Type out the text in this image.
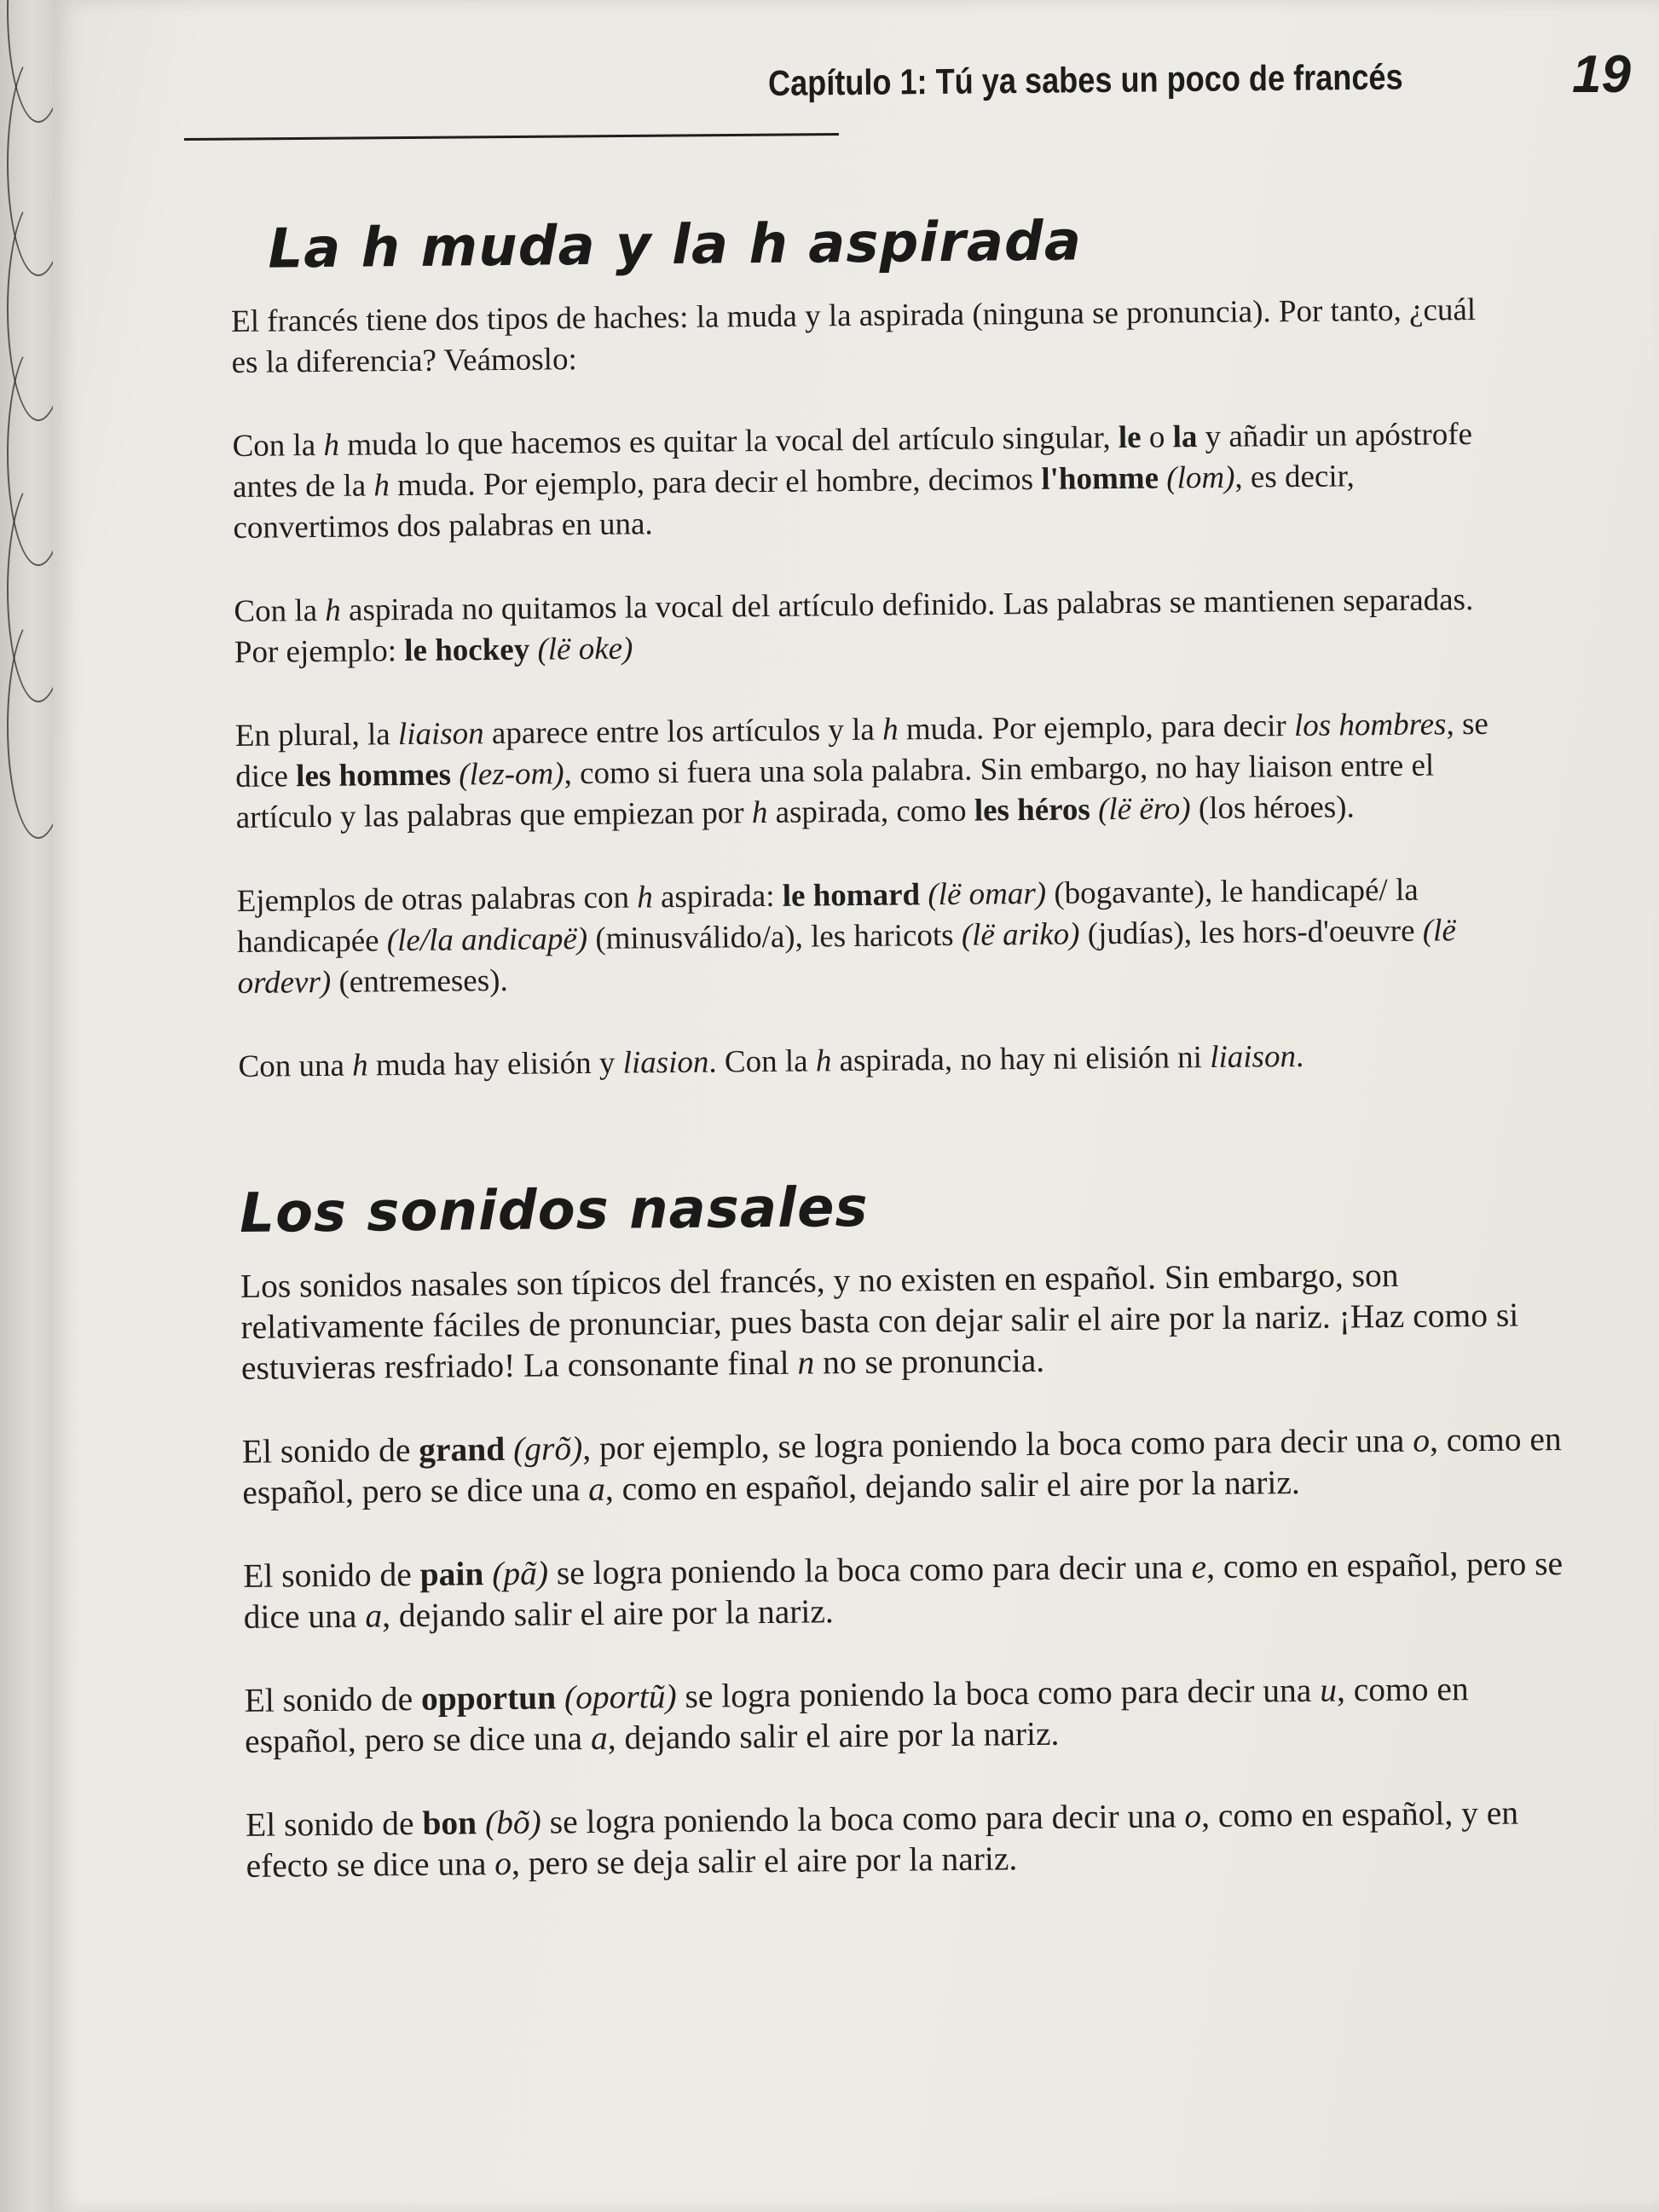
Capítulo 1: Tú ya sabes un poco de francés	19
La h muda y la h aspirada

El francés tiene dos tipos de haches: la muda y la aspirada (ninguna se pronuncia). Por tanto, ¿cuál es la diferencia? Veámoslo:

Con la h muda lo que hacemos es quitar la vocal del artículo singular, le o la y añadir un apóstrofe antes de la h muda. Por ejemplo, para decir el hombre, decimos l'homme (lom), es decir, convertimos dos palabras en una.

Con la h aspirada no quitamos la vocal del artículo definido. Las palabras se mantienen separadas. Por ejemplo: le hockey (lë oke)

En plural, la liaison aparece entre los artículos y la h muda. Por ejemplo, para decir los hombres, se dice les hommes (lez-om), como si fuera una sola palabra. Sin embargo, no hay liaison entre el artículo y las palabras que empiezan por h aspirada, como les héros (lë ëro) (los héroes).

Ejemplos de otras palabras con h aspirada: le homard (lë omar) (bogavante), le handicapé/ la handicapée (le/la andicapë) (minusválido/a), les haricots (lë ariko) (judías), les hors-d'oeuvre (lë ordevr) (entremeses).

Con una h muda hay elisión y liasion. Con la h aspirada, no hay ni elisión ni liaison.

Los sonidos nasales

Los sonidos nasales son típicos del francés, y no existen en español. Sin embargo, son relativamente fáciles de pronunciar, pues basta con dejar salir el aire por la nariz. ¡Haz como si estuvieras resfriado! La consonante final n no se pronuncia.

El sonido de grand (grõ), por ejemplo, se logra poniendo la boca como para decir una o, como en español, pero se dice una a, como en español, dejando salir el aire por la nariz.

El sonido de pain (pã) se logra poniendo la boca como para decir una e, como en español, pero se dice una a, dejando salir el aire por la nariz.

El sonido de opportun (oportũ) se logra poniendo la boca como para decir una u, como en español, pero se dice una a, dejando salir el aire por la nariz.

El sonido de bon (bõ) se logra poniendo la boca como para decir una o, como en español, y en efecto se dice una o, pero se deja salir el aire por la nariz.
